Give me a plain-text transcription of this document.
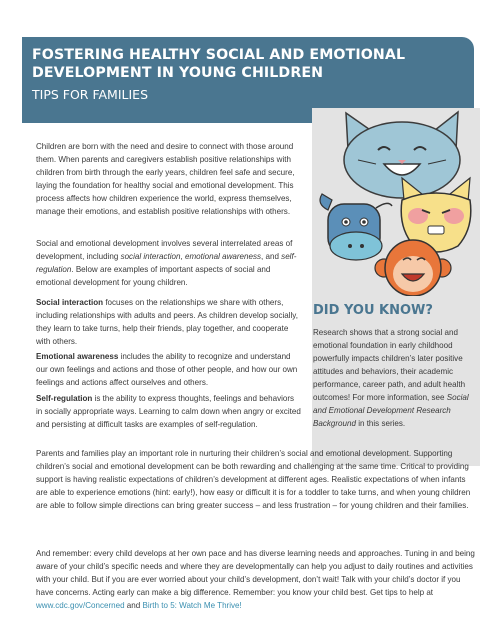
FOSTERING HEALTHY SOCIAL AND EMOTIONAL DEVELOPMENT IN YOUNG CHILDREN
TIPS FOR FAMILIES
Children are born with the need and desire to connect with those around them. When parents and caregivers establish positive relationships with children from birth through the early years, children feel safe and secure, laying the foundation for healthy social and emotional development. This process affects how children experience the world, express themselves, manage their emotions, and establish positive relationships with others.
Social and emotional development involves several interrelated areas of development, including social interaction, emotional awareness, and self-regulation. Below are examples of important aspects of social and emotional development for young children.
Social interaction focuses on the relationships we share with others, including relationships with adults and peers. As children develop socially, they learn to take turns, help their friends, play together, and cooperate with others.
Emotional awareness includes the ability to recognize and understand our own feelings and actions and those of other people, and how our own feelings and actions affect ourselves and others.
Self-regulation is the ability to express thoughts, feelings and behaviors in socially appropriate ways. Learning to calm down when angry or excited and persisting at difficult tasks are examples of self-regulation.
Parents and families play an important role in nurturing their children’s social and emotional development. Supporting children’s social and emotional development can be both rewarding and challenging at the same time. Critical to providing support is having realistic expectations of children’s development at different ages. Realistic expectations of when infants are able to experience emotions (hint: early!), how easy or difficult it is for a toddler to take turns, and when young children are able to follow simple directions can bring greater success – and less frustration – for young children and their families.
And remember: every child develops at her own pace and has diverse learning needs and approaches. Tuning in and being aware of your child’s specific needs and where they are developmentally can help you adjust to daily routines and activities with your child. But if you are ever worried about your child’s development, don’t wait! Talk with your child’s doctor if you have concerns. Acting early can make a big difference. Remember: you know your child best. Get tips to help at www.cdc.gov/Concerned and Birth to 5: Watch Me Thrive!
DID YOU KNOW?
Research shows that a strong social and emotional foundation in early childhood powerfully impacts children’s later positive attitudes and behaviors, their academic performance, career path, and adult health outcomes! For more information, see Social and Emotional Development Research Background in this series.
